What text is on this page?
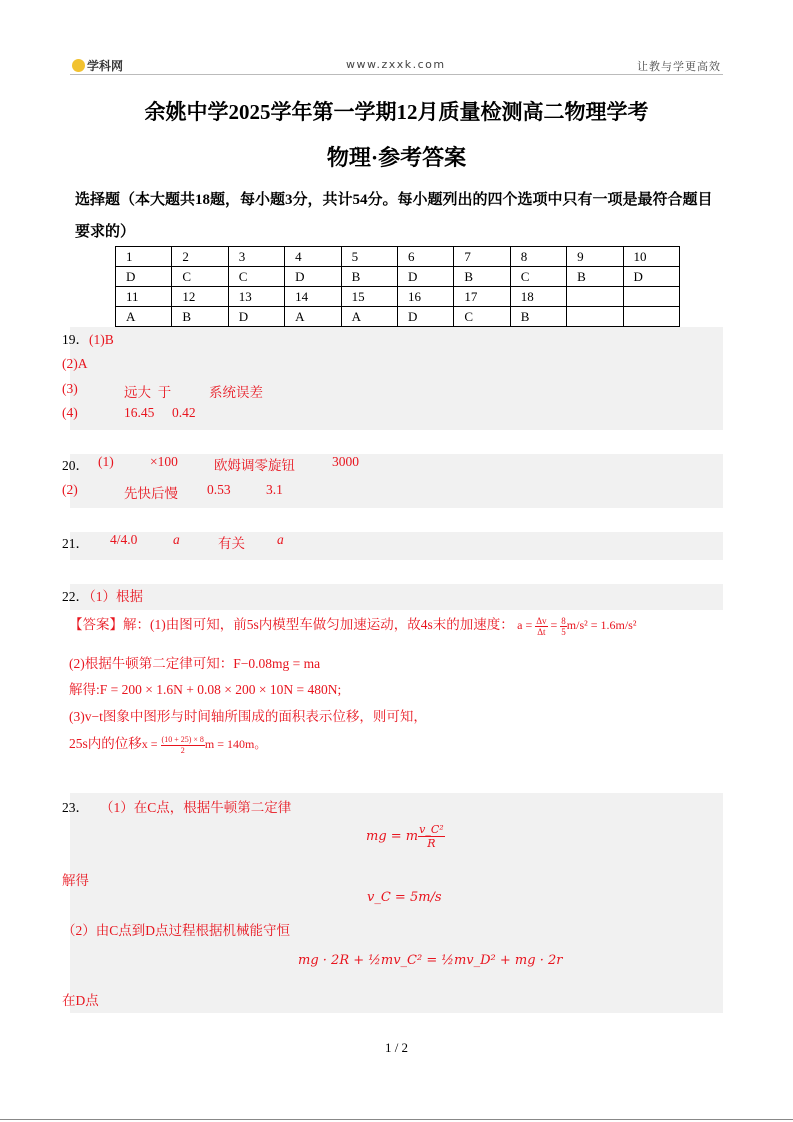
学科网	www.zxxk.com	让教与学更高效
余姚中学2025学年第一学期12月质量检测高二物理学考
物理·参考答案
选择题（本大题共18题，每小题3分，共计54分。每小题列出的四个选项中只有一项是最符合题目要求的）
1	2	3	4	5	6	7	8	9	10
D	C	C	D	B	D	B	C	B	D
11	12	13	14	15	16	17	18		
A	B	D	A	A	D	C	B		
19．(1)B
(2)A
(3)	远大  于	系统误差
(4)	16.45 0.42
20． (1)	×100	欧姆调零旋钮	3000
(2)	先快后慢 0.53	3.1
21． 4/4.0	a	有关 a
22．（1）根据
【答案】解：(1)由图可知，前5s内模型车做匀加速运动，故4s末的加速度： $a = \frac{\Delta v}{\Delta t} = \frac{8}{5} m/s^2 = 1.6m/s^2$
(2)根据牛顿第二定律可知：F−0.08mg = ma
解得:F = 200 × 1.6N + 0.08 × 200 × 10N = 480N;
(3)v−t图象中图形与时间轴所围成的面积表示位移，则可知，
25s内的位移$x = \frac{(10 + 25) \times 8}{2}$ m = 140m。
23． （1）在C点，根据牛顿第二定律
mg = m $\frac{\text{v\_C²}}{R}$
解得
v_C = 5m/s
（2）由C点到D点过程根据机械能守恒
mg · 2R + ½mv_C² = ½mv_D² + mg · 2r
在D点
1 / 2
